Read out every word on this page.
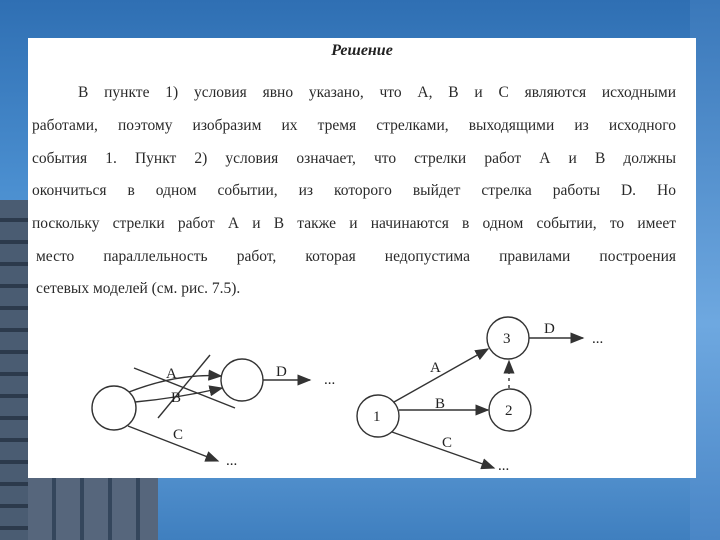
Решение
В пункте 1) условия явно указано, что А, В и С являются исходными
работами, поэтому изобразим их тремя стрелками, выходящими из исходного
события 1. Пункт 2) условия означает, что стрелки работ А и В должны
окончиться в одном событии, из которого выйдет стрелка работы D. Но
поскольку стрелки работ А и В также и начинаются в одном событии, то имеет
место параллельность работ, которая недопустима правилами построения
сетевых моделей (см. рис. 7.5).
A
B
C
D ...
...
1
3
2
A
B
C
D
...
...
